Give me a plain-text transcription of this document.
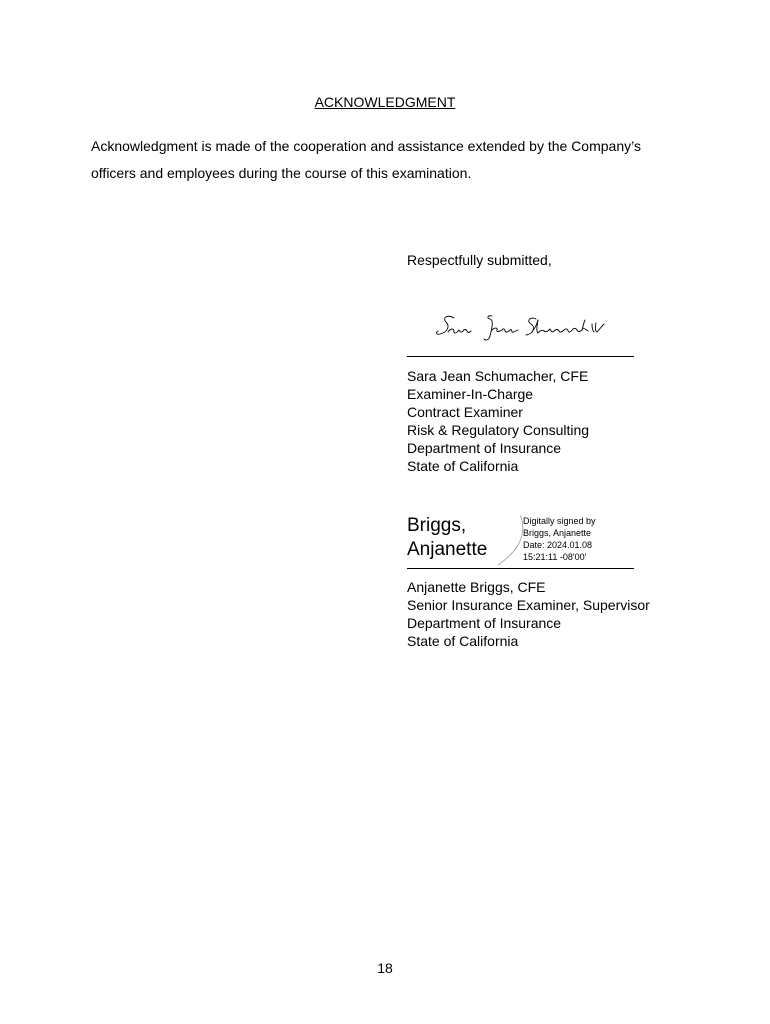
ACKNOWLEDGMENT
Acknowledgment is made of the cooperation and assistance extended by the Company’s
officers and employees during the course of this examination.
Respectfully submitted,
Sara Jean Schumacher, CFE
Examiner-In-Charge
Contract Examiner
Risk & Regulatory Consulting
Department of Insurance
State of California
Briggs,
Anjanette
Digitally signed by
Briggs, Anjanette
Date: 2024.01.08
15:21:11 -08'00'
Anjanette Briggs, CFE
Senior Insurance Examiner, Supervisor
Department of Insurance
State of California
18
